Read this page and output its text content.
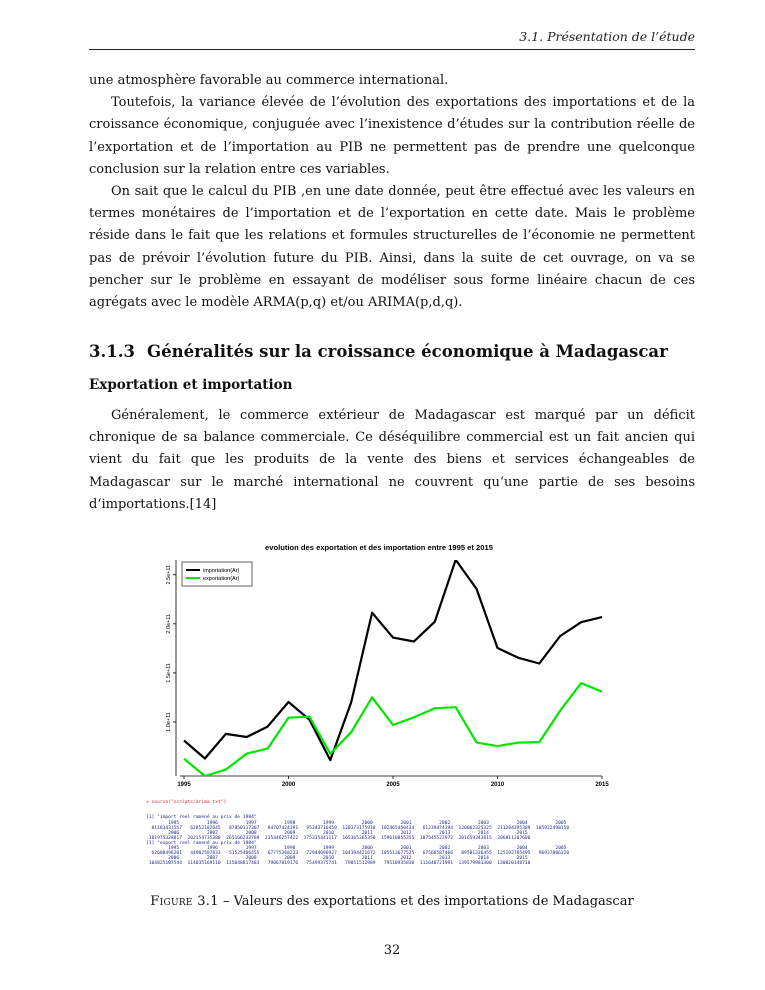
3.1. Présentation de l’étude

une atmosphère favorable au commerce international.

Toutefois, la variance élevée de l’évolution des exportations des importations et de la croissance économique, conjuguée avec l’inexistence d’études sur la contribution réelle de l’exportation et de l’importation au PIB ne permettent pas de prendre une quelconque conclusion sur la relation entre ces variables.

On sait que le calcul du PIB ,en une date donnée, peut être effectué avec les valeurs en termes monétaires de l’importation et de l’exportation en cette date. Mais le problème réside dans le fait que les relations et formules structurelles de l’économie ne permettent pas de prévoir l’évolution future du PIB. Ainsi, dans la suite de cet ouvrage, on va se pencher sur le problème en essayant de modéliser sous forme linéaire chacun de ces agrégats avec le modèle ARMA(p,q) et/ou ARIMA(p,d,q).

3.1.3 Généralités sur la croissance économique à Madagascar
Exportation et importation

Généralement, le commerce extérieur de Madagascar est marqué par un déficit chronique de sa balance commerciale. Ce déséquilibre commercial est un fait ancien qui vient du fait que les produits de la vente des biens et services échangeables de Madagascar sur le marché international ne couvrent qu‘une partie de ses besoins d‘importations.[14]

evolution des exportation et des importation entre 1995 et 2015
1995	2000	2005	2010	2015
1.0e+11
1.5e+11
2.0e+11
2.5e+11	importation(Ar)
exportation(Ar)

> source("scripts/arima.txt")

[1] "import reel ramené au prix de 1984"
1995          1996          1997          1998          1999          2000          2001          2002          2003          2004          2005
81183431557   62852182645   87850117307   84707424391   95343716450  120373175918  102465450434   61239474394  120062325325  211284395389  185922498150
2006          2007          2008          2009          2010          2011          2012          2013          2014          2015
181975328817  202154735380  265166232789  235446257422  175335441117  165365365350  159610855355  187545522972  201659343815  206811207606
[1] "export reel ramené au prix de 1984"
1995          1996          1997          1998          1999          2000          2001          2002          2003          2004          2005
62608496201   44902597833   51525406455   67775368223   72944096927  104394421672  105513677525   67568587466   89581336455  125192785495   96937806320
2006          2007          2008          2009          2010          2011          2012          2013          2014          2015
104825107544  114035169110  115048817483   79067819176   75499375741   79051512989   79510935830  111648721991  139579981300  130820148710

Figure 3.1 – Valeurs des exportations et des importations de Madagascar
32
